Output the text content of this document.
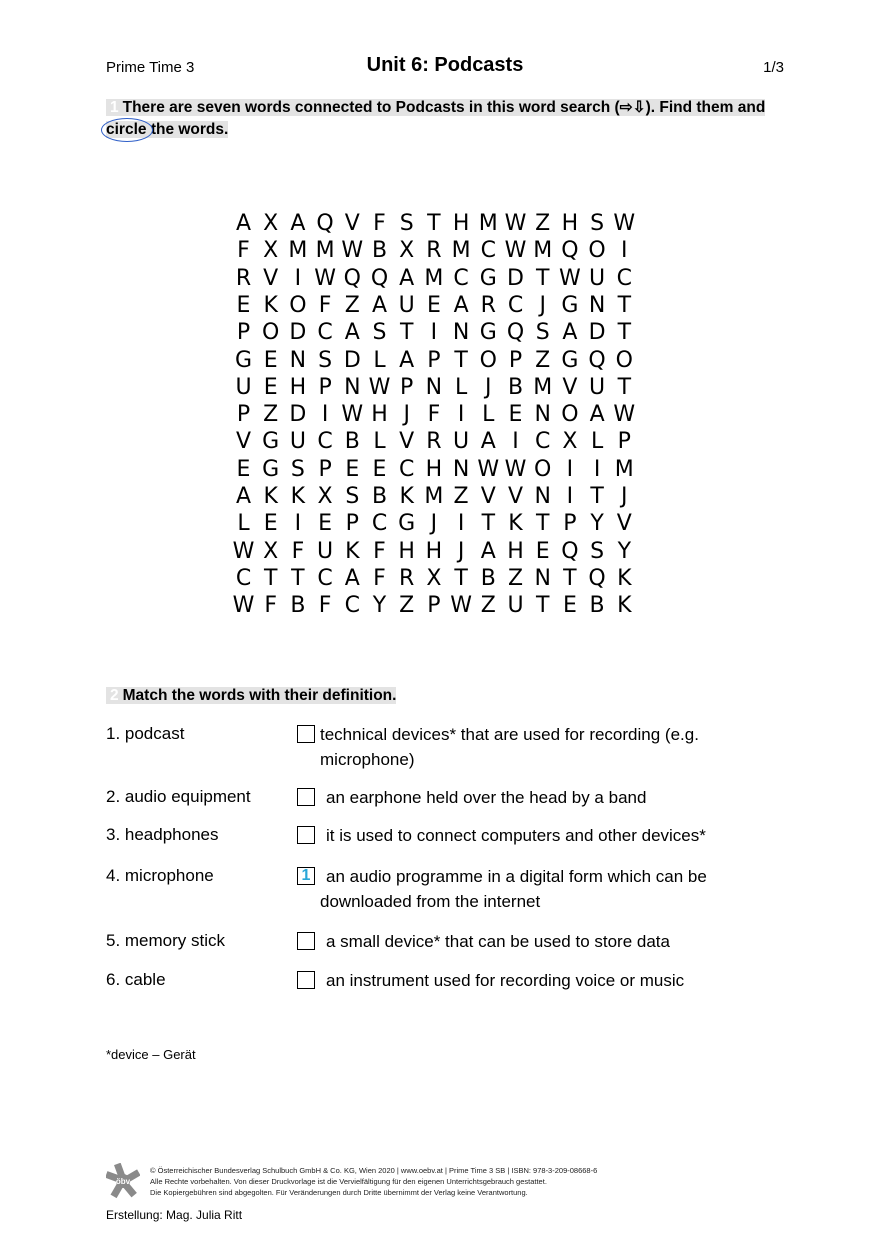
Prime Time 3	Unit 6: Podcasts	1/3
1 There are seven words connected to Podcasts in this word search (⇨⇩). Find them and
circle the words.
A X A Q V F S T H M W Z H S W
F X M M W B X R M C W M Q O I
R V I W Q Q A M C G D T W U C
E K O F Z A U E A R C J G N T
P O D C A S T I N G Q S A D T
G E N S D L A P T O P Z G Q O
U E H P N W P N L J B M V U T
P Z D I W H J F I L E N O A W
V G U C B L V R U A I C X L P
E G S P E E C H N W W O I I M
A K K X S B K M Z V V N I T J
L E I E P C G J I T K T P Y V
W X F U K F H H J A H E Q S Y
C T T C A F R X T B Z N T Q K
W F B F C Y Z P W Z U T E B K
2 Match the words with their definition.
1. podcast	technical devices* that are used for recording (e.g. microphone)
2. audio equipment	an earphone held over the head by a band
3. headphones	it is used to connect computers and other devices*
4. microphone	1 an audio programme in a digital form which can be downloaded from the internet
5. memory stick	a small device* that can be used to store data
6. cable	an instrument used for recording voice or music
*device – Gerät
öbv
© Österreichischer Bundesverlag Schulbuch GmbH & Co. KG, Wien 2020 | www.oebv.at | Prime Time 3 SB | ISBN: 978-3-209-08668-6
Alle Rechte vorbehalten. Von dieser Druckvorlage ist die Vervielfältigung für den eigenen Unterrichtsgebrauch gestattet.
Die Kopiergebühren sind abgegolten. Für Veränderungen durch Dritte übernimmt der Verlag keine Verantwortung.
Erstellung: Mag. Julia Ritt
